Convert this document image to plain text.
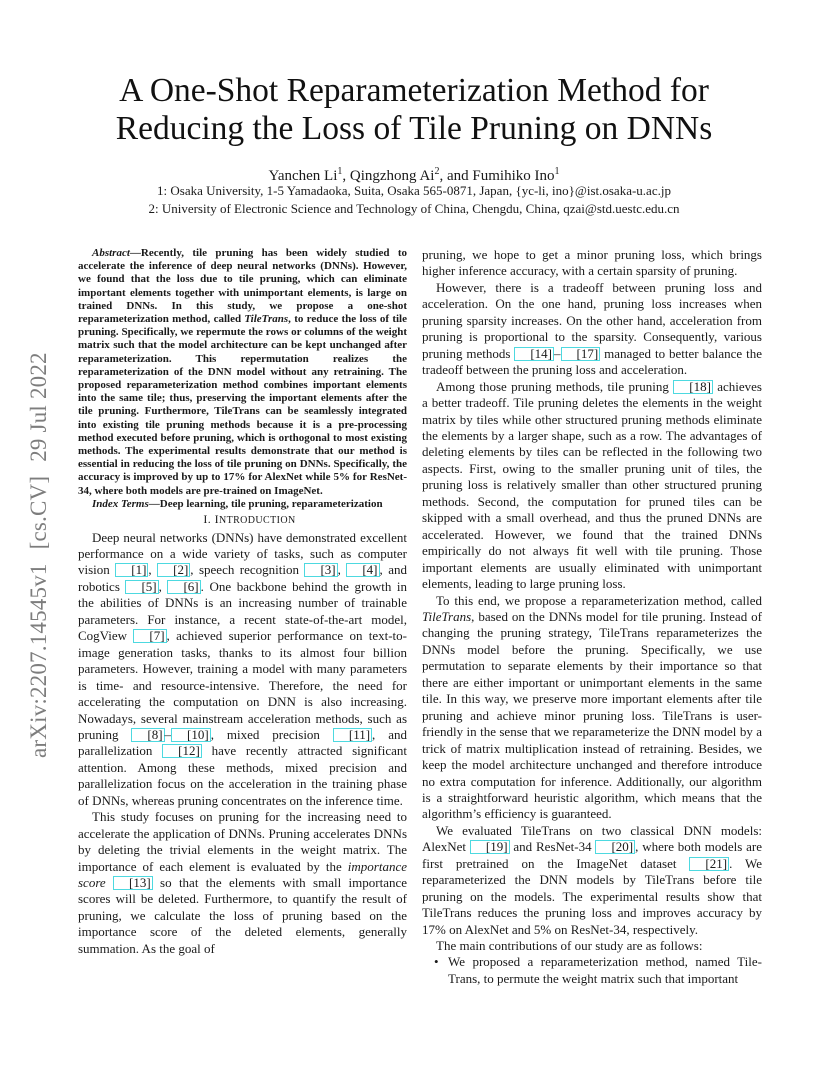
arXiv:2207.14545v1[cs.CV]29 Jul 2022
A One-Shot Reparameterization Method for
Reducing the Loss of Tile Pruning on DNNs
Yanchen Li$^1$, Qingzhong Ai$^2$, and Fumihiko Ino$^1$
1: Osaka University, 1-5 Yamadaoka, Suita, Osaka 565-0871, Japan, {yc-li, ino}@ist.osaka-u.ac.jp
2: University of Electronic Science and Technology of China, Chengdu, China, qzai@std.uestc.edu.cn

Abstract—Recently, tile pruning has been widely studied to accelerate the inference of deep neural networks (DNNs). However, we found that the loss due to tile pruning, which can eliminate important elements together with unimportant elements, is large on trained DNNs. In this study, we propose a one-shot reparameterization method, called TileTrans, to reduce the loss of tile pruning. Specifically, we repermute the rows or columns of the weight matrix such that the model architecture can be kept unchanged after reparameterization. This repermutation realizes the reparameterization of the DNN model without any retraining. The proposed reparameterization method combines important elements into the same tile; thus, preserving the important elements after the tile pruning. Furthermore, TileTrans can be seamlessly integrated into existing tile pruning methods because it is a pre-processing method executed before pruning, which is orthogonal to most existing methods. The experimental results demonstrate that our method is essential in reducing the loss of tile pruning on DNNs. Specifically, the accuracy is improved by up to 17% for AlexNet while 5% for ResNet-34, where both models are pre-trained on ImageNet.

Index Terms—Deep learning, tile pruning, reparameterization

I. INTRODUCTION

Deep neural networks (DNNs) have demonstrated excellent performance on a wide variety of tasks, such as computer vision [1] , [2] , speech recognition [3] , [4] , and robotics [5] , [6] . One backbone behind the growth in the abilities of DNNs is an increasing number of trainable parameters. For instance, a recent state-of-the-art model, CogView [7] , achieved superior performance on text-to-image generation tasks, thanks to its almost four billion parameters. However, training a model with many parameters is time- and resource-intensive. Therefore, the need for accelerating the computation on DNN is also increasing. Nowadays, several mainstream acceleration methods, such as pruning [8] – [10] , mixed precision [11] , and parallelization [12] have recently attracted significant attention. Among these methods, mixed precision and parallelization focus on the acceleration in the training phase of DNNs, whereas pruning concentrates on the inference time.

This study focuses on pruning for the increasing need to accelerate the application of DNNs. Pruning accelerates DNNs by deleting the trivial elements in the weight matrix. The importance of each element is evaluated by the importance score [13] so that the elements with small importance scores will be deleted. Furthermore, to quantify the result of pruning, we calculate the loss of pruning based on the importance score of the deleted elements, generally summation. As the goal of

pruning, we hope to get a minor pruning loss, which brings higher inference accuracy, with a certain sparsity of pruning.

However, there is a tradeoff between pruning loss and acceleration. On the one hand, pruning loss increases when pruning sparsity increases. On the other hand, acceleration from pruning is proportional to the sparsity. Consequently, various pruning methods [14] – [17] managed to better balance the tradeoff between the pruning loss and acceleration.

Among those pruning methods, tile pruning [18] achieves a better tradeoff. Tile pruning deletes the elements in the weight matrix by tiles while other structured pruning methods eliminate the elements by a larger shape, such as a row. The advantages of deleting elements by tiles can be reflected in the following two aspects. First, owing to the smaller pruning unit of tiles, the pruning loss is relatively smaller than other structured pruning methods. Second, the computation for pruned tiles can be skipped with a small overhead, and thus the pruned DNNs are accelerated. However, we found that the trained DNNs empirically do not always fit well with tile pruning. Those important elements are usually eliminated with unimportant elements, leading to large pruning loss.

To this end, we propose a reparameterization method, called TileTrans, based on the DNNs model for tile pruning. Instead of changing the pruning strategy, TileTrans reparameterizes the DNNs model before the pruning. Specifically, we use permutation to separate elements by their importance so that there are either important or unimportant elements in the same tile. In this way, we preserve more important elements after tile pruning and achieve minor pruning loss. TileTrans is user-friendly in the sense that we reparameterize the DNN model by a trick of matrix multiplication instead of retraining. Besides, we keep the model architecture unchanged and therefore introduce no extra computation for inference. Additionally, our algorithm is a straightforward heuristic algorithm, which means that the algorithm’s efficiency is guaranteed.

We evaluated TileTrans on two classical DNN models: AlexNet [19] and ResNet-34 [20] , where both models are first pretrained on the ImageNet dataset [21] . We reparameterized the DNN models by TileTrans before tile pruning on the models. The experimental results show that TileTrans reduces the pruning loss and improves accuracy by 17% on AlexNet and 5% on ResNet-34, respectively.

The main contributions of our study are as follows:

• We proposed a reparameterization method, named Tile-Trans, to permute the weight matrix such that important
